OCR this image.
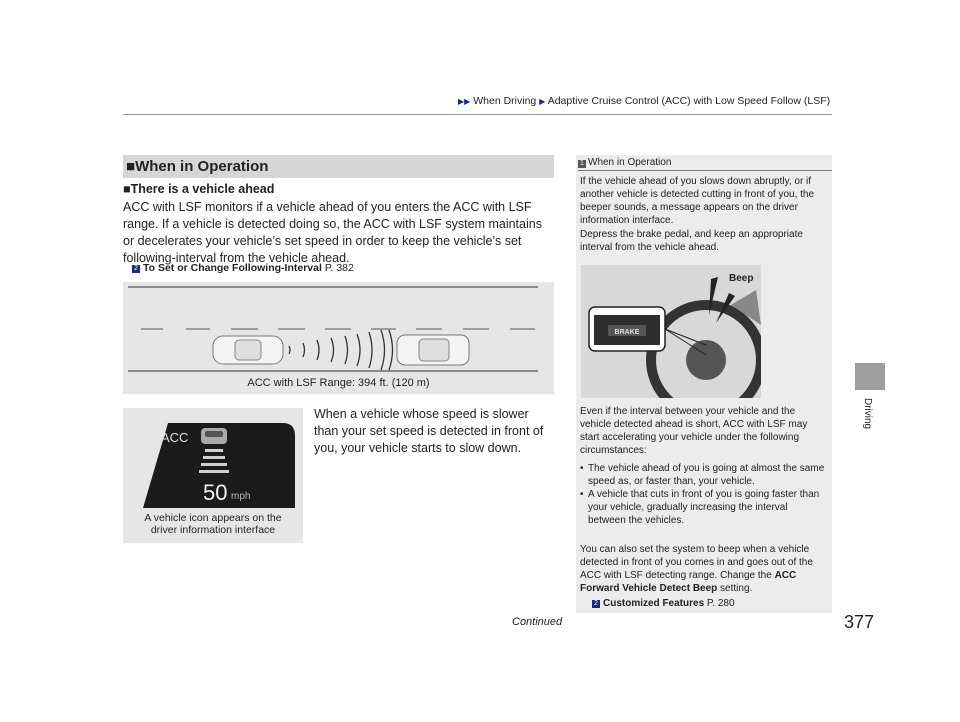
▶▶ When Driving ▶ Adaptive Cruise Control (ACC) with Low Speed Follow (LSF)
Driving
■When in Operation
■There is a vehicle ahead
ACC with LSF monitors if a vehicle ahead of you enters the ACC with LSF range. If a vehicle is detected doing so, the ACC with LSF system maintains or decelerates your vehicle’s set speed in order to keep the vehicle’s set following-interval from the vehicle ahead.
2 To Set or Change Following-Interval P. 382
ACC with LSF Range: 394 ft. (120 m)
ACC
50 mph
A vehicle icon appears on the
driver information interface
When a vehicle whose speed is slower than your set speed is detected in front of you, your vehicle starts to slow down.
1 When in Operation
If the vehicle ahead of you slows down abruptly, or if another vehicle is detected cutting in front of you, the beeper sounds, a message appears on the driver information interface.
Depress the brake pedal, and keep an appropriate interval from the vehicle ahead.
BRAKE
Beep
Even if the interval between your vehicle and the vehicle detected ahead is short, ACC with LSF may start accelerating your vehicle under the following circumstances:
• The vehicle ahead of you is going at almost the same speed as, or faster than, your vehicle.
• A vehicle that cuts in front of you is going faster than your vehicle, gradually increasing the interval between the vehicles.
You can also set the system to beep when a vehicle detected in front of you comes in and goes out of the ACC with LSF detecting range. Change the ACC Forward Vehicle Detect Beep setting.
2 Customized Features P. 280
Continued	377
